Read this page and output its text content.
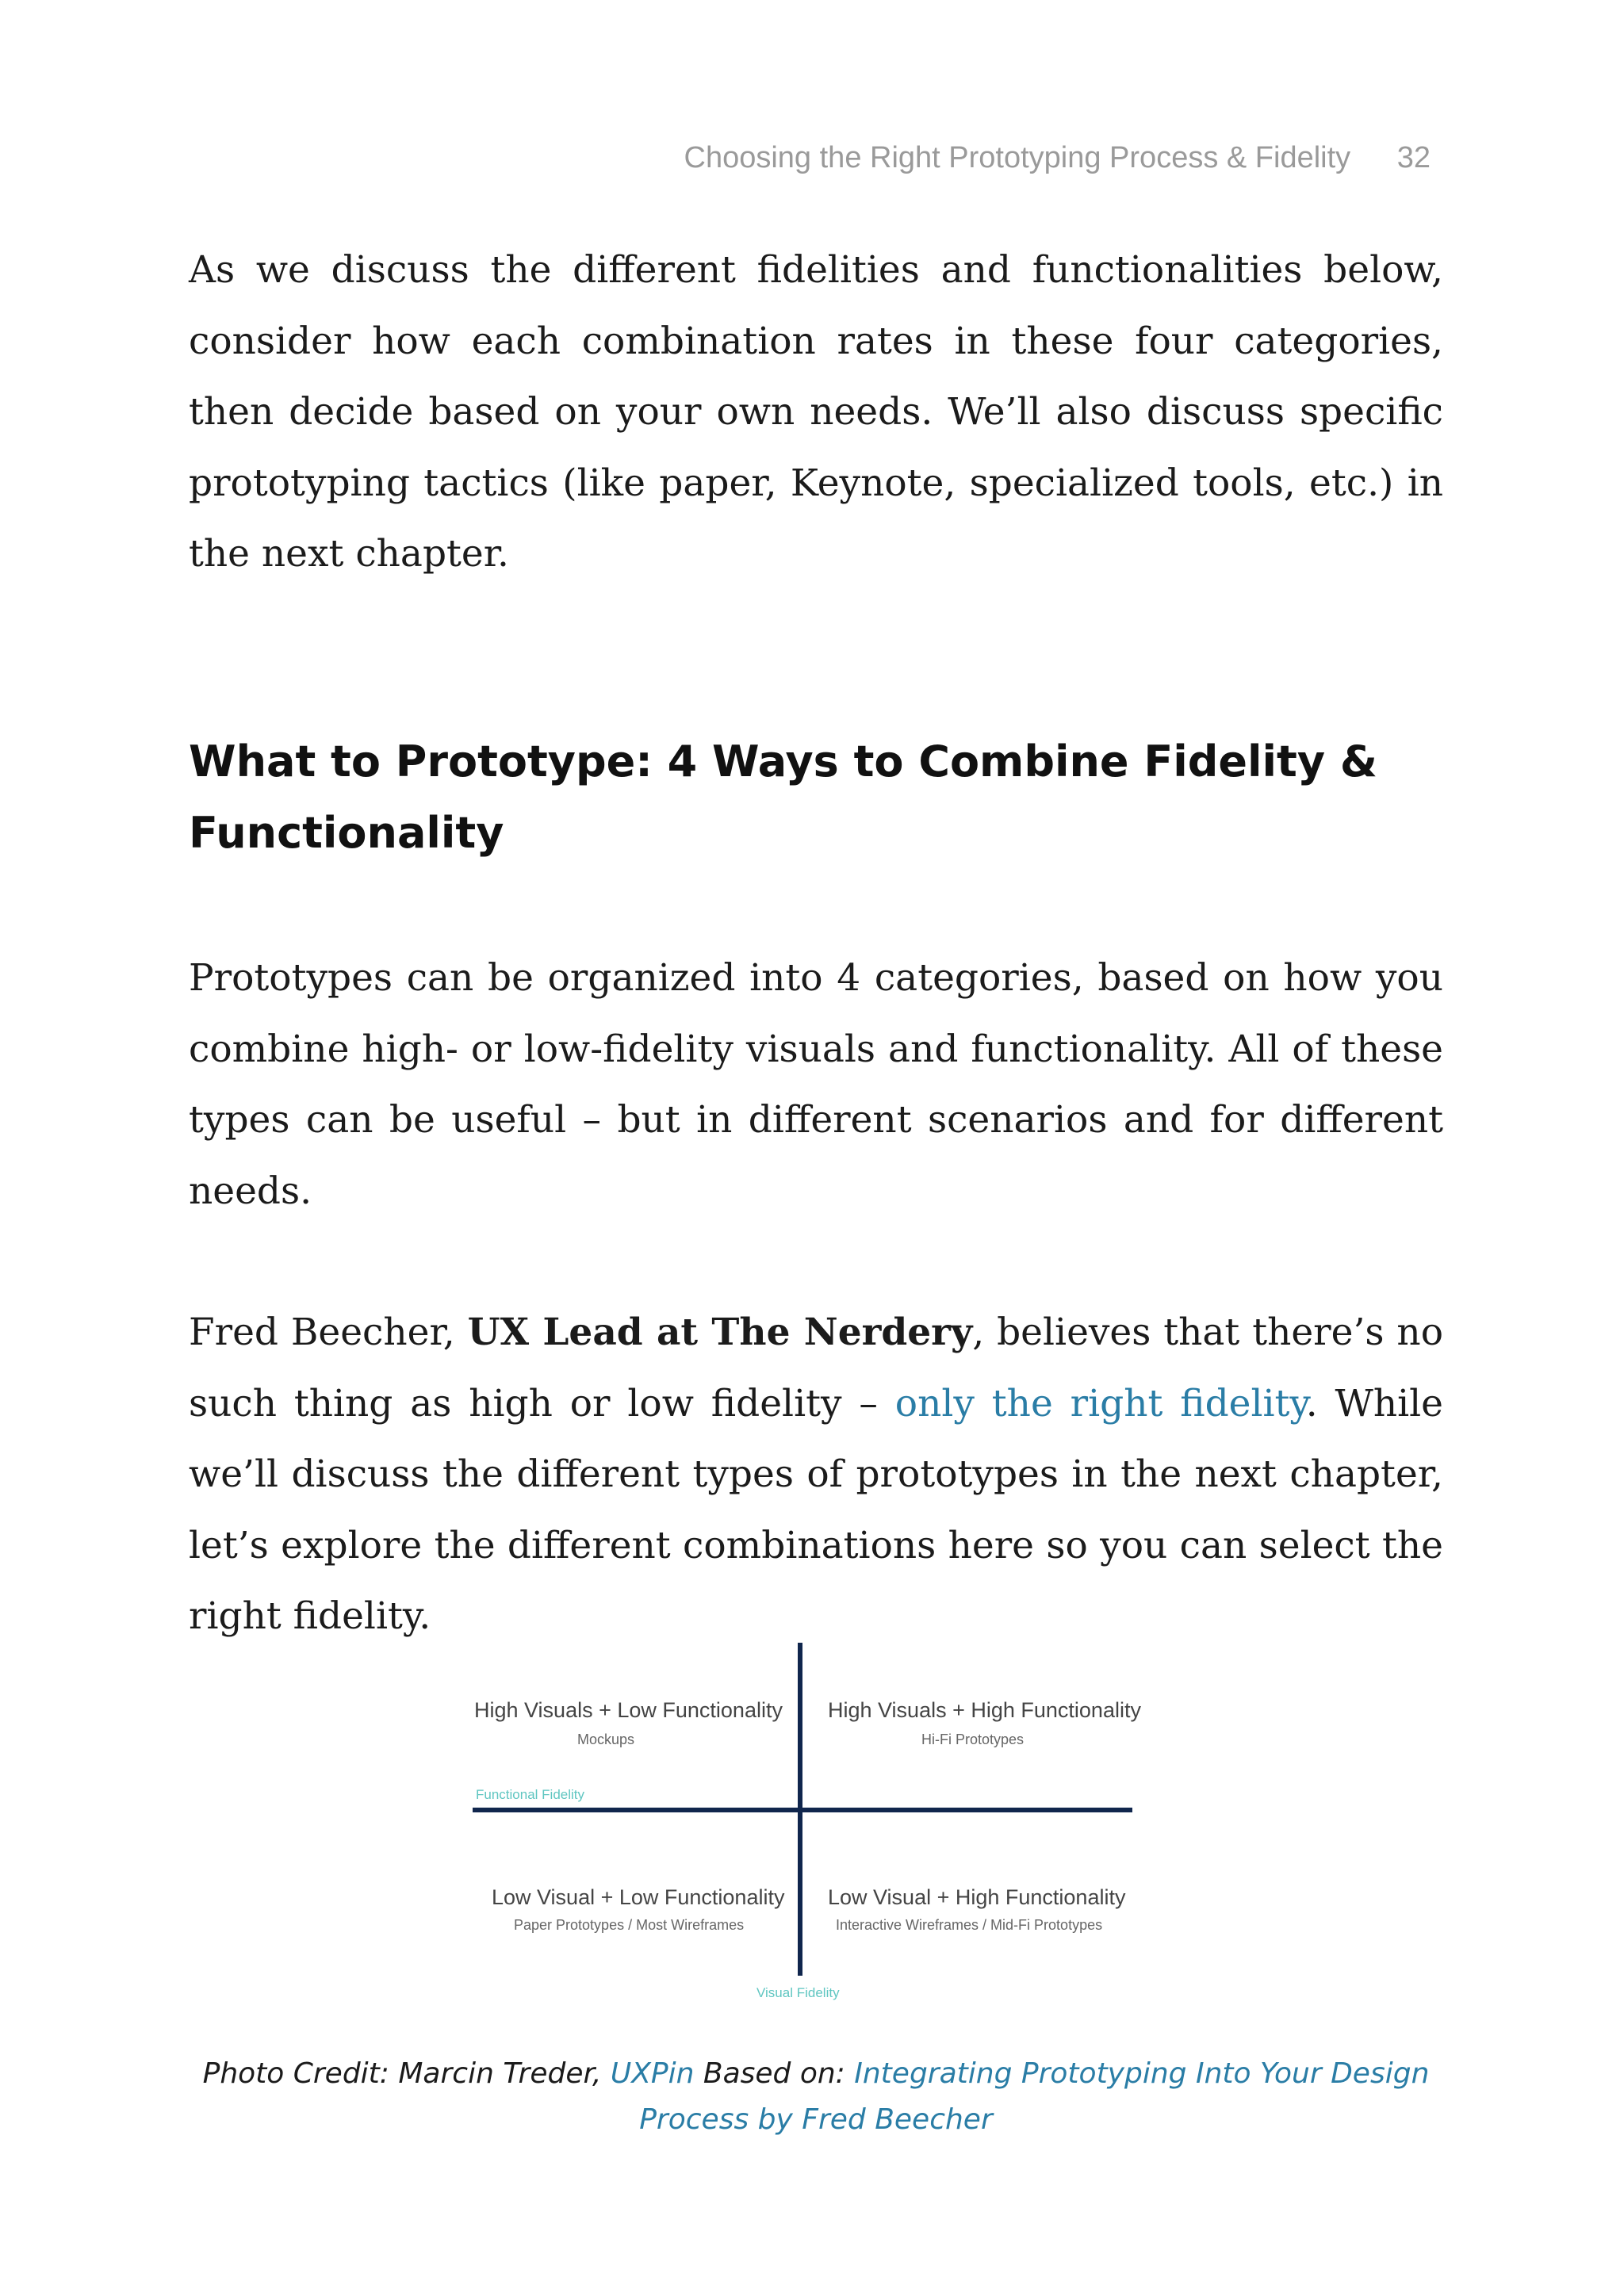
Choosing the Right Prototyping Process & Fidelity 32

As we discuss the different fidelities and functionalities below, consider how each combination rates in these four categories, then decide based on your own needs. We’ll also discuss specific prototyping tactics (like paper, Keynote, specialized tools, etc.) in the next chapter.

What to Prototype: 4 Ways to Combine Fidelity & Functionality

Prototypes can be organized into 4 categories, based on how you combine high- or low-fidelity visuals and functionality. All of these types can be useful – but in different scenarios and for different needs.

Fred Beecher, UX Lead at The Nerdery, believes that there’s no such thing as high or low fidelity – only the right fidelity. While we’ll discuss the different types of prototypes in the next chapter, let’s explore the different combinations here so you can select the right fidelity.

High Visuals + Low Functionality
Mockups
High Visuals + High Functionality
Hi-Fi Prototypes
Functional Fidelity
Low Visual + Low Functionality
Paper Prototypes / Most Wireframes
Low Visual + High Functionality
Interactive Wireframes / Mid-Fi Prototypes
Visual Fidelity
Photo Credit: Marcin Treder, UXPin Based on: Integrating Prototyping Into Your Design Process by Fred Beecher
